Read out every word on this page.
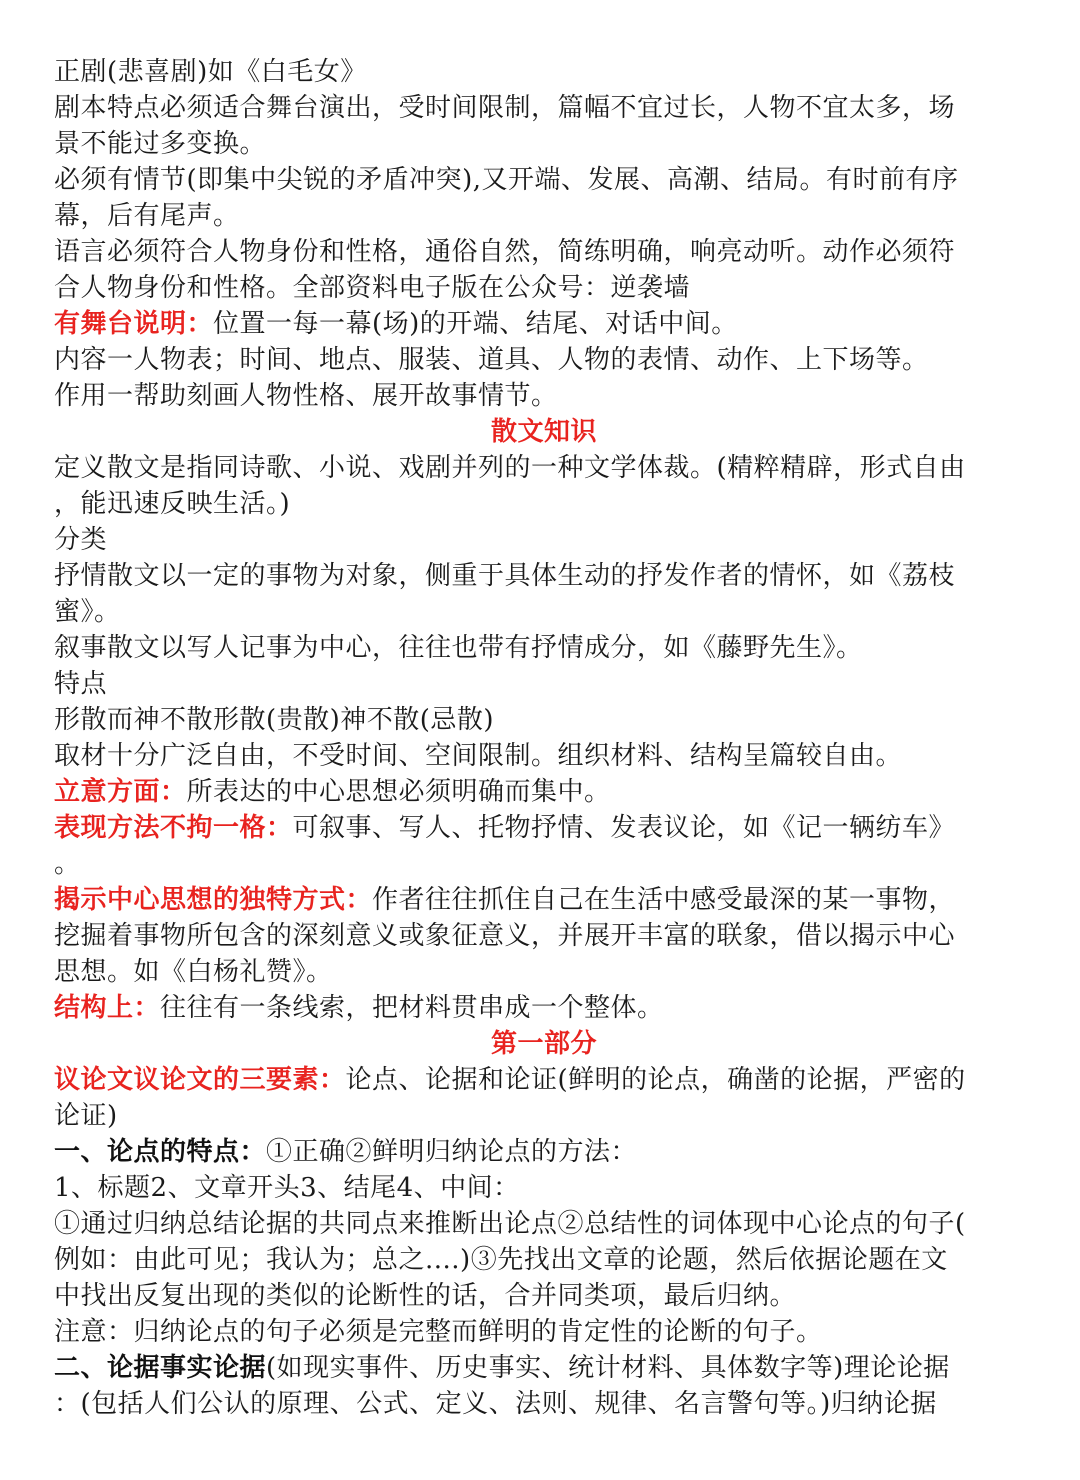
正剧(悲喜剧)如《白毛女》
剧本特点必须适合舞台演出，受时间限制，篇幅不宜过长，人物不宜太多，场
景不能过多变换。
必须有情节(即集中尖锐的矛盾冲突),又开端、发展、高潮、结局。有时前有序
幕，后有尾声。
语言必须符合人物身份和性格，通俗自然，简练明确，响亮动听。动作必须符
合人物身份和性格。全部资料电子版在公众号：逆袭墙
有舞台说明：位置一每一幕(场)的开端、结尾、对话中间。
内容一人物表；时间、地点、服装、道具、人物的表情、动作、上下场等。
作用一帮助刻画人物性格、展开故事情节。
散文知识
定义散文是指同诗歌、小说、戏剧并列的一种文学体裁。(精粹精辟，形式自由
，能迅速反映生活。)
分类
抒情散文以一定的事物为对象，侧重于具体生动的抒发作者的情怀，如《荔枝
蜜》。
叙事散文以写人记事为中心，往往也带有抒情成分，如《藤野先生》。
特点
形散而神不散形散(贵散)神不散(忌散)
取材十分广泛自由，不受时间、空间限制。组织材料、结构呈篇较自由。
立意方面：所表达的中心思想必须明确而集中。
表现方法不拘一格：可叙事、写人、托物抒情、发表议论，如《记一辆纺车》
。
揭示中心思想的独特方式：作者往往抓住自己在生活中感受最深的某一事物，
挖掘着事物所包含的深刻意义或象征意义，并展开丰富的联象，借以揭示中心
思想。如《白杨礼赞》。
结构上：往往有一条线索，把材料贯串成一个整体。
第一部分
议论文议论文的三要素：论点、论据和论证(鲜明的论点，确凿的论据，严密的
论证)
一、论点的特点：①正确②鲜明归纳论点的方法：
1、标题2、文章开头3、结尾4、中间：
①通过归纳总结论据的共同点来推断出论点②总结性的词体现中心论点的句子(
例如：由此可见；我认为；总之....)③先找出文章的论题，然后依据论题在文
中找出反复出现的类似的论断性的话，合并同类项，最后归纳。
注意：归纳论点的句子必须是完整而鲜明的肯定性的论断的句子。
二、论据事实论据(如现实事件、历史事实、统计材料、具体数字等)理论论据
：(包括人们公认的原理、公式、定义、法则、规律、名言警句等。)归纳论据
